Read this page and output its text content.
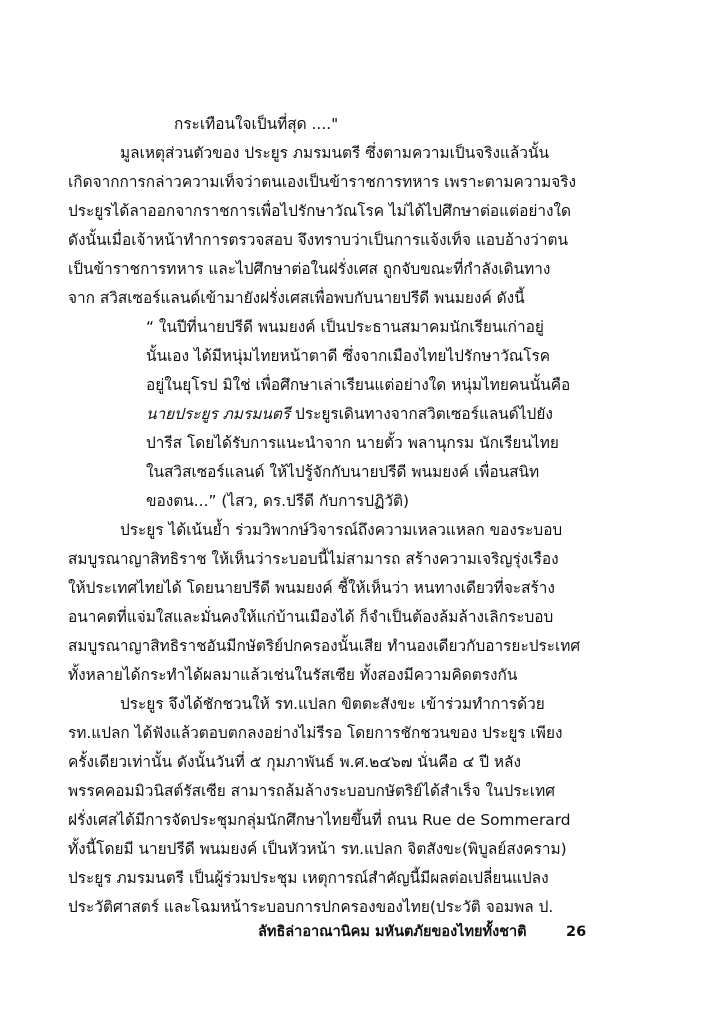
กระเทือนใจเป็นที่สุด ...."
มูลเหตุส่วนตัวของ ประยูร ภมรมนตรี ซึ่งตามความเป็นจริงแล้วนั้น
เกิดจากการกล่าวความเท็จว่าตนเองเป็นข้าราชการทหาร เพราะตามความจริง
ประยูรได้ลาออกจากราชการเพื่อไปรักษาวัณโรค ไม่ได้ไปศึกษาต่อแต่อย่างใด
ดังนั้นเมื่อเจ้าหน้าทำการตรวจสอบ จึงทราบว่าเป็นการแจ้งเท็จ แอบอ้างว่าตน
เป็นข้าราชการทหาร และไปศึกษาต่อในฝรั่งเศส ถูกจับขณะที่กำลังเดินทาง
จาก สวิสเซอร์แลนด์เข้ามายังฝรั่งเศสเพื่อพบกับนายปรีดี พนมยงค์ ดังนี้
“ ในปีที่นายปรีดี พนมยงค์ เป็นประธานสมาคมนักเรียนเก่าอยู่
นั้นเอง ได้มีหนุ่มไทยหน้าตาดี ซึ่งจากเมืองไทยไปรักษาวัณโรค
อยู่ในยุโรป มิใช่ เพื่อศึกษาเล่าเรียนแต่อย่างใด หนุ่มไทยคนนั้นคือ
นายประยูร ภมรมนตรี ประยูรเดินทางจากสวิตเซอร์แลนด์ไปยัง
ปารีส โดยได้รับการแนะนำจาก นายตั้ว พลานุกรม นักเรียนไทย
ในสวิสเซอร์แลนด์ ให้ไปรู้จักกับนายปรีดี พนมยงค์ เพื่อนสนิท
ของตน...” (ไสว, ดร.ปรีดี กับการปฏิวัติ)
ประยูร ได้เน้นย้ำ ร่วมวิพากษ์วิจารณ์ถึงความเหลวแหลก ของระบอบ
สมบูรณาญาสิทธิราช ให้เห็นว่าระบอบนี้ไม่สามารถ สร้างความเจริญรุ่งเรือง
ให้ประเทศไทยได้ โดยนายปรีดี พนมยงค์ ชี้ให้เห็นว่า หนทางเดียวที่จะสร้าง
อนาคตที่แจ่มใสและมั่นคงให้แก่บ้านเมืองได้ ก็จำเป็นต้องล้มล้างเลิกระบอบ
สมบูรณาญาสิทธิราชอันมีกษัตริย์ปกครองนั้นเสีย ทำนองเดียวกับอารยะประเทศ
ทั้งหลายได้กระทำได้ผลมาแล้วเช่นในรัสเซีย ทั้งสองมีความคิดตรงกัน
ประยูร จึงได้ชักชวนให้ รท.แปลก ขิตตะสังขะ เข้าร่วมทำการด้วย
รท.แปลก ได้ฟังแล้วตอบตกลงอย่างไม่รีรอ โดยการชักชวนของ ประยูร เพียง
ครั้งเดียวเท่านั้น ดังนั้นวันที่ ๕ กุมภาพันธ์ พ.ศ.๒๔๖๗ นั่นคือ ๔ ปี หลัง
พรรคคอมมิวนิสต์รัสเซีย สามารถล้มล้างระบอบกษัตริย์ได้สำเร็จ ในประเทศ
ฝรั่งเศสได้มีการจัดประชุมกลุ่มนักศึกษาไทยขึ้นที่ ถนน Rue de Sommerard
ทั้งนี้โดยมี นายปรีดี พนมยงค์ เป็นหัวหน้า รท.แปลก จิตสังขะ(พิบูลย์สงคราม)
ประยูร ภมรมนตรี เป็นผู้ร่วมประชุม เหตุการณ์สำคัญนี้มีผลต่อเปลี่ยนแปลง
ประวัติศาสตร์ และโฉมหน้าระบอบการปกครองของไทย(ประวัติ จอมพล ป.
ลัทธิล่าอาณานิคม มหันตภัยของไทยทั้งชาติ	26
